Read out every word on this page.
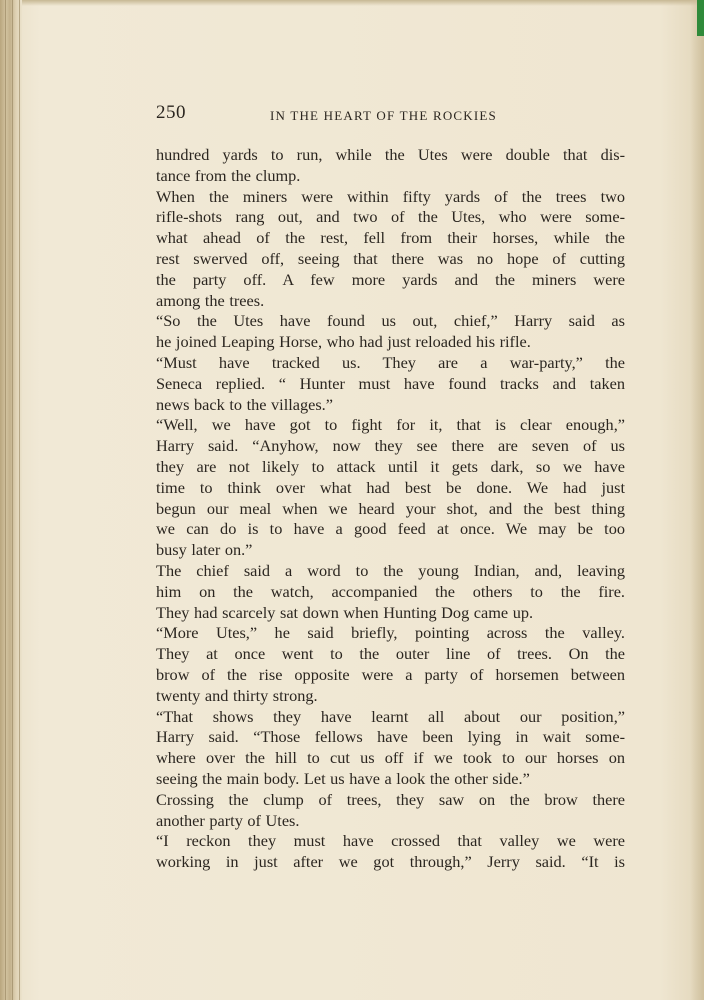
250	IN THE HEART OF THE ROCKIES
hundred yards to run, while the Utes were double that dis-
tance from the clump.
When the miners were within fifty yards of the trees two
rifle-shots rang out, and two of the Utes, who were some-
what ahead of the rest, fell from their horses, while the
rest swerved off, seeing that there was no hope of cutting
the party off. A few more yards and the miners were
among the trees.
“So the Utes have found us out, chief,” Harry said as
he joined Leaping Horse, who had just reloaded his rifle.
“Must have tracked us. They are a war-party,” the
Seneca replied. “ Hunter must have found tracks and taken
news back to the villages.”
“Well, we have got to fight for it, that is clear enough,”
Harry said. “Anyhow, now they see there are seven of us
they are not likely to attack until it gets dark, so we have
time to think over what had best be done. We had just
begun our meal when we heard your shot, and the best thing
we can do is to have a good feed at once. We may be too
busy later on.”
The chief said a word to the young Indian, and, leaving
him on the watch, accompanied the others to the fire.
They had scarcely sat down when Hunting Dog came up.
“More Utes,” he said briefly, pointing across the valley.
They at once went to the outer line of trees. On the
brow of the rise opposite were a party of horsemen between
twenty and thirty strong.
“That shows they have learnt all about our position,”
Harry said. “Those fellows have been lying in wait some-
where over the hill to cut us off if we took to our horses on
seeing the main body. Let us have a look the other side.”
Crossing the clump of trees, they saw on the brow there
another party of Utes.
“I reckon they must have crossed that valley we were
working in just after we got through,” Jerry said. “It is
